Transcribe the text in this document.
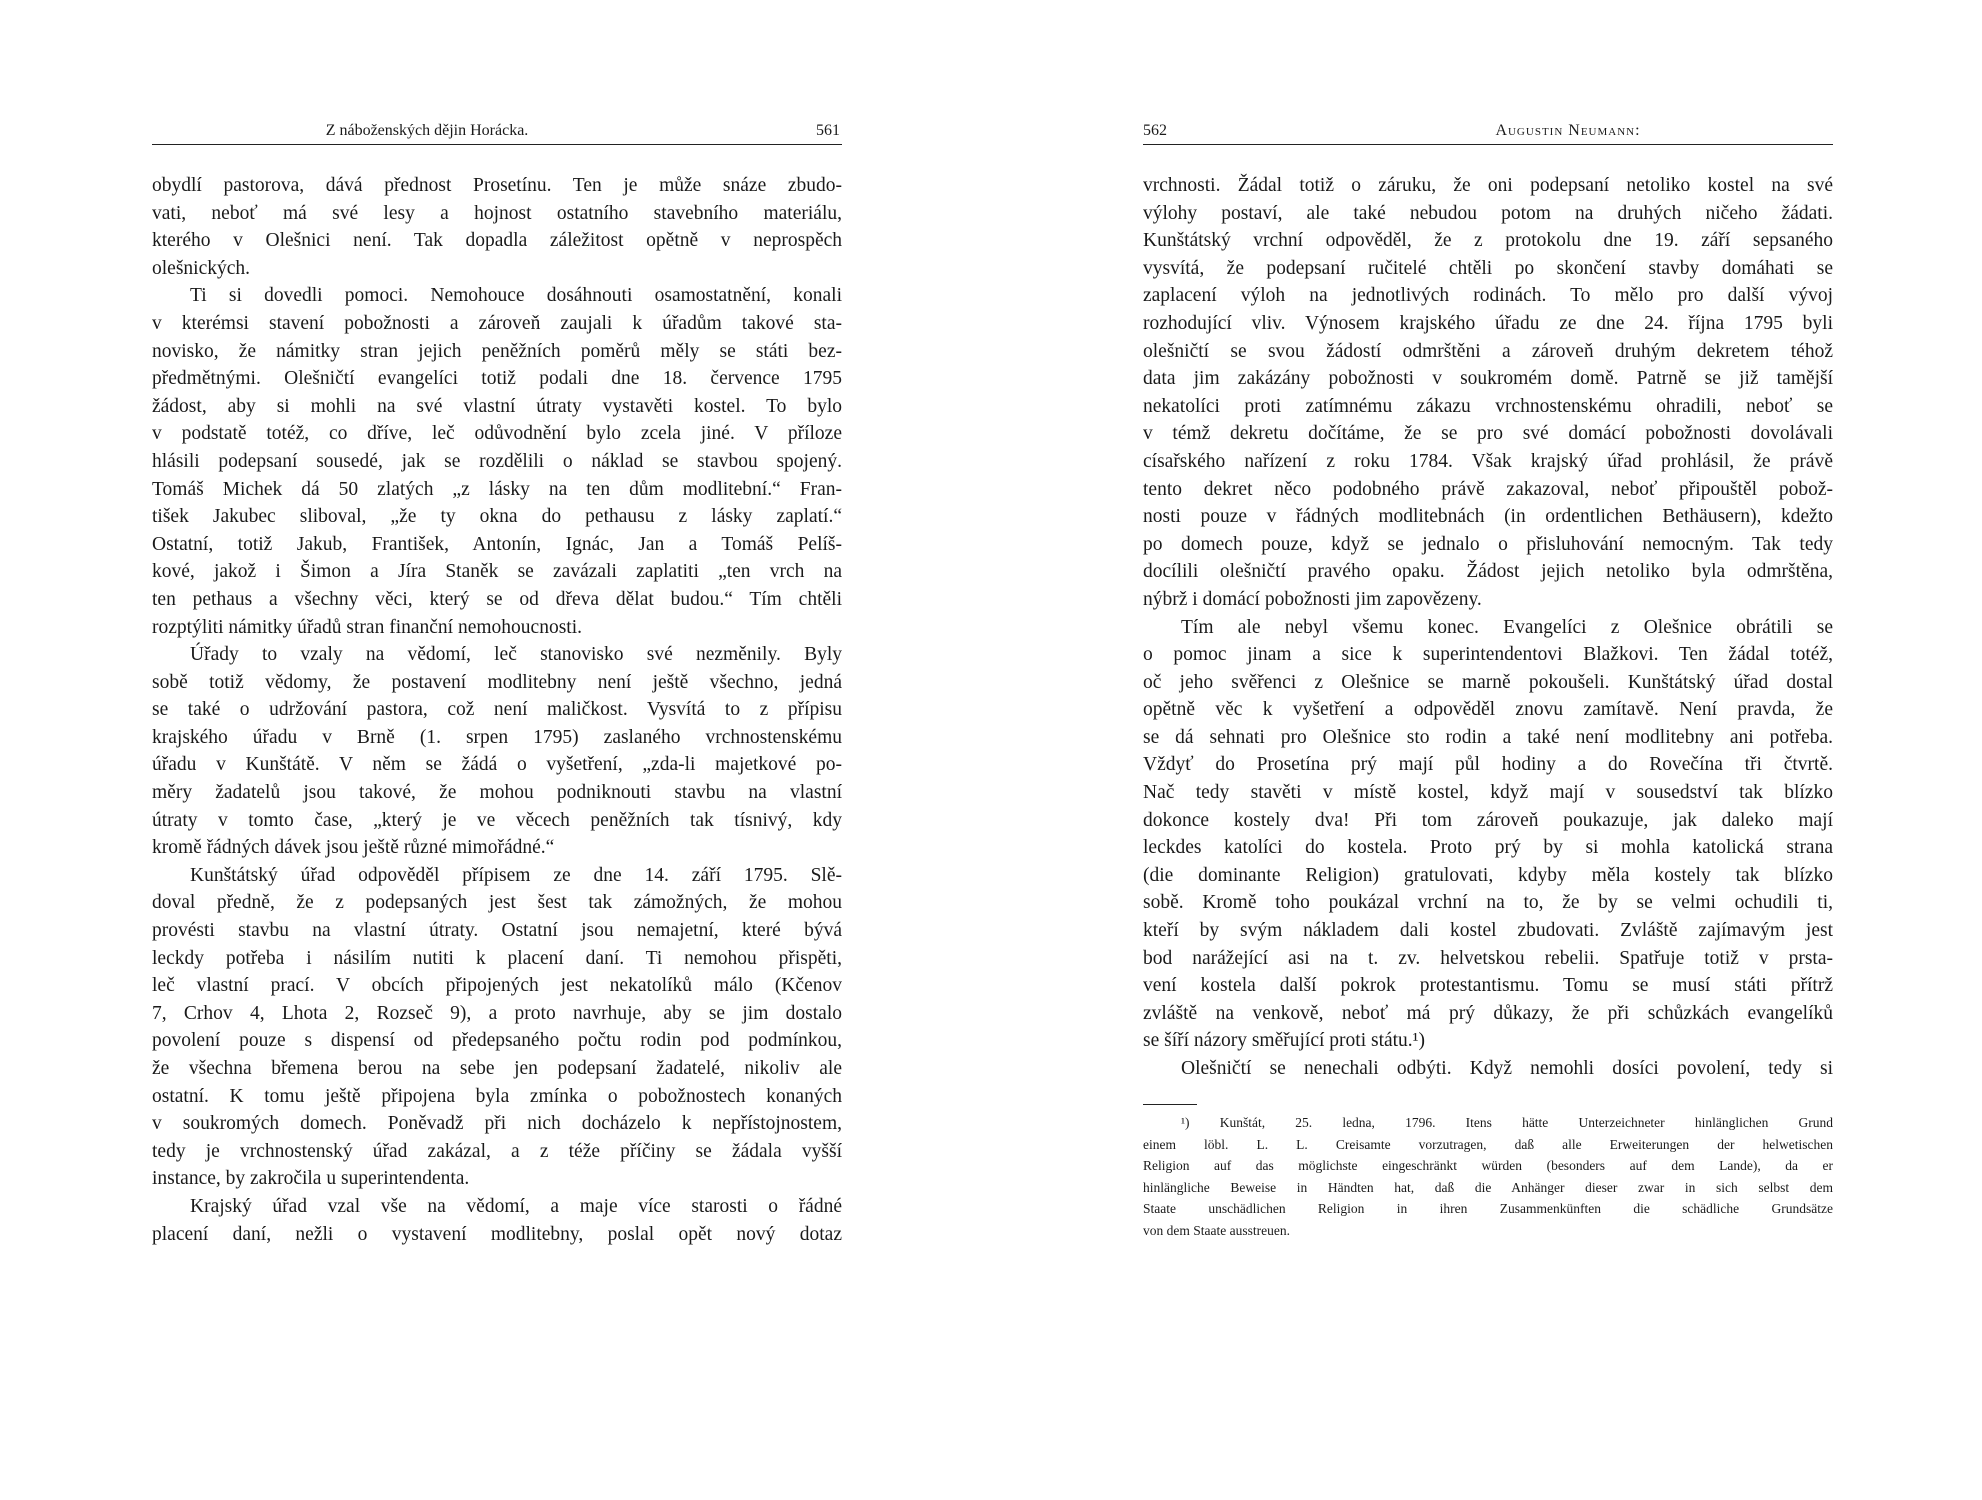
Z náboženských dějin Horácka.	561
obydlí pastorova, dává přednost Prosetínu. Ten je může snáze zbudo-
vati, neboť má své lesy a hojnost ostatního stavebního materiálu,
kterého v Olešnici není. Tak dopadla záležitost opětně v neprospěch
olešnických.
Ti si dovedli pomoci. Nemohouce dosáhnouti osamostatnění, konali
v kterémsi stavení pobožnosti a zároveň zaujali k úřadům takové sta-
novisko, že námitky stran jejich peněžních poměrů měly se státi bez-
předmětnými. Olešničtí evangelíci totiž podali dne 18. července 1795
žádost, aby si mohli na své vlastní útraty vystavěti kostel. To bylo
v podstatě totéž, co dříve, leč odůvodnění bylo zcela jiné. V příloze
hlásili podepsaní sousedé, jak se rozdělili o náklad se stavbou spojený.
Tomáš Michek dá 50 zlatých „z lásky na ten dům modlitební.“ Fran-
tišek Jakubec sliboval, „že ty okna do pethausu z lásky zaplatí.“
Ostatní, totiž Jakub, František, Antonín, Ignác, Jan a Tomáš Pelíš-
kové, jakož i Šimon a Jíra Staněk se zavázali zaplatiti „ten vrch na
ten pethaus a všechny věci, který se od dřeva dělat budou.“ Tím chtěli
rozptýliti námitky úřadů stran finanční nemohoucnosti.
Úřady to vzaly na vědomí, leč stanovisko své nezměnily. Byly
sobě totiž vědomy, že postavení modlitebny není ještě všechno, jedná
se také o udržování pastora, což není maličkost. Vysvítá to z přípisu
krajského úřadu v Brně (1. srpen 1795) zaslaného vrchnostenskému
úřadu v Kunštátě. V něm se žádá o vyšetření, „zda-li majetkové po-
měry žadatelů jsou takové, že mohou podniknouti stavbu na vlastní
útraty v tomto čase, „který je ve věcech peněžních tak tísnivý, kdy
kromě řádných dávek jsou ještě různé mimořádné.“
Kunštátský úřad odpověděl přípisem ze dne 14. září 1795. Slě-
doval předně, že z podepsaných jest šest tak zámožných, že mohou
provésti stavbu na vlastní útraty. Ostatní jsou nemajetní, které bývá
leckdy potřeba i násilím nutiti k placení daní. Ti nemohou přispěti,
leč vlastní prací. V obcích připojených jest nekatolíků málo (Kčenov
7, Crhov 4, Lhota 2, Rozseč 9), a proto navrhuje, aby se jim dostalo
povolení pouze s dispensí od předepsaného počtu rodin pod podmínkou,
že všechna břemena berou na sebe jen podepsaní žadatelé, nikoliv ale
ostatní. K tomu ještě připojena byla zmínka o pobožnostech konaných
v soukromých domech. Poněvadž při nich docházelo k nepřístojnostem,
tedy je vrchnostenský úřad zakázal, a z téže příčiny se žádala vyšší
instance, by zakročila u superintendenta.
Krajský úřad vzal vše na vědomí, a maje více starosti o řádné
placení daní, nežli o vystavení modlitebny, poslal opět nový dotaz
562	Augustin Neumann:
vrchnosti. Žádal totiž o záruku, že oni podepsaní netoliko kostel na své
výlohy postaví, ale také nebudou potom na druhých ničeho žádati.
Kunštátský vrchní odpověděl, že z protokolu dne 19. září sepsaného
vysvítá, že podepsaní ručitelé chtěli po skončení stavby domáhati se
zaplacení výloh na jednotlivých rodinách. To mělo pro další vývoj
rozhodující vliv. Výnosem krajského úřadu ze dne 24. října 1795 byli
olešničtí se svou žádostí odmrštěni a zároveň druhým dekretem téhož
data jim zakázány pobožnosti v soukromém domě. Patrně se již tamější
nekatolíci proti zatímnému zákazu vrchnostenskému ohradili, neboť se
v témž dekretu dočítáme, že se pro své domácí pobožnosti dovolávali
císařského nařízení z roku 1784. Však krajský úřad prohlásil, že právě
tento dekret něco podobného právě zakazoval, neboť připouštěl pobož-
nosti pouze v řádných modlitebnách (in ordentlichen Bethäusern), kdežto
po domech pouze, když se jednalo o přisluhování nemocným. Tak tedy
docílili olešničtí pravého opaku. Žádost jejich netoliko byla odmrštěna,
nýbrž i domácí pobožnosti jim zapovězeny.
Tím ale nebyl všemu konec. Evangelíci z Olešnice obrátili se
o pomoc jinam a sice k superintendentovi Blažkovi. Ten žádal totéž,
oč jeho svěřenci z Olešnice se marně pokoušeli. Kunštátský úřad dostal
opětně věc k vyšetření a odpověděl znovu zamítavě. Není pravda, že
se dá sehnati pro Olešnice sto rodin a také není modlitebny ani potřeba.
Vždyť do Prosetína prý mají půl hodiny a do Rovečína tři čtvrtě.
Nač tedy stavěti v místě kostel, když mají v sousedství tak blízko
dokonce kostely dva! Při tom zároveň poukazuje, jak daleko mají
leckdes katolíci do kostela. Proto prý by si mohla katolická strana
(die dominante Religion) gratulovati, kdyby měla kostely tak blízko
sobě. Kromě toho poukázal vrchní na to, že by se velmi ochudili ti,
kteří by svým nákladem dali kostel zbudovati. Zvláště zajímavým jest
bod narážející asi na t. zv. helvetskou rebelii. Spatřuje totiž v prsta-
vení kostela další pokrok protestantismu. Tomu se musí státi přítrž
zvláště na venkově, neboť má prý důkazy, že při schůzkách evangelíků
se šíří názory směřující proti státu.¹)
Olešničtí se nenechali odbýti. Když nemohli dosíci povolení, tedy si
¹) Kunštát, 25. ledna, 1796. Itens hätte Unterzeichneter hinlänglichen Grund
einem löbl. L. L. Creisamte vorzutragen, daß alle Erweiterungen der helwetischen
Religion auf das möglichste eingeschränkt würden (besonders auf dem Lande), da er
hinlängliche Beweise in Händten hat, daß die Anhänger dieser zwar in sich selbst dem
Staate unschädlichen Religion in ihren Zusammenkünften die schädliche Grundsätze
von dem Staate ausstreuen.
